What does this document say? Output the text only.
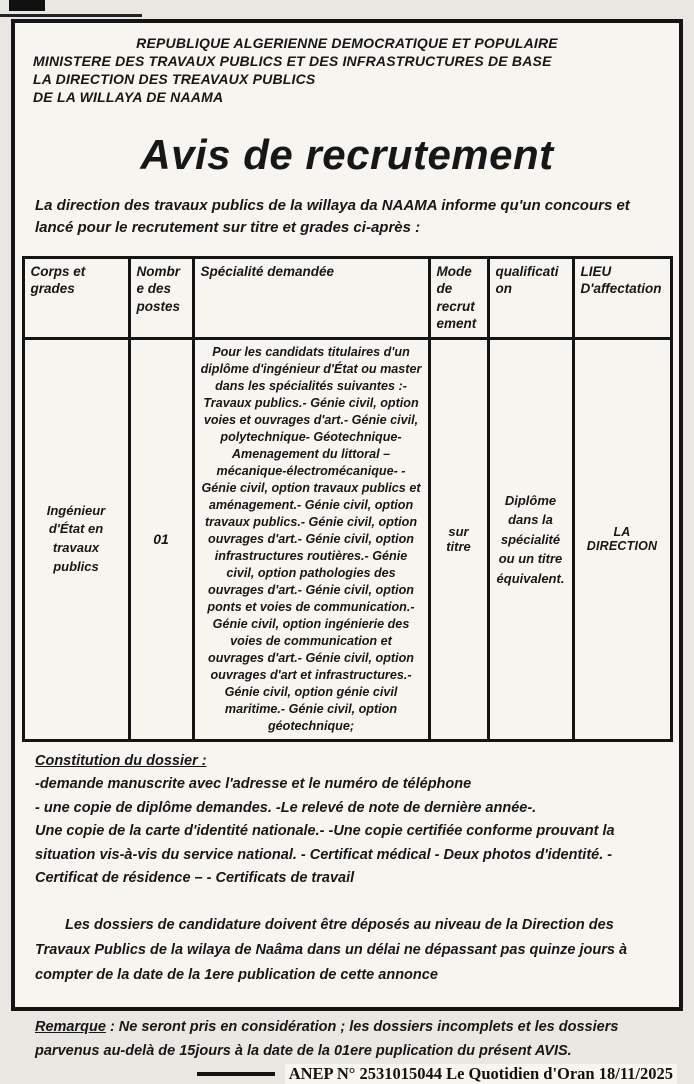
REPUBLIQUE ALGERIENNE DEMOCRATIQUE ET POPULAIRE
MINISTERE DES TRAVAUX PUBLICS ET DES INFRASTRUCTURES DE BASE
LA DIRECTION DES TREAVAUX PUBLICS
DE LA WILLAYA DE NAAMA
Avis de recrutement
La direction des travaux publics de la willaya da NAAMA informe qu'un concours et lancé pour le recrutement sur titre et grades ci-après :
Corps et grades	Nombre des postes	Spécialité demandée	Mode de recrutement	qualification	LIEU D'affectation
Ingénieur d'État en travaux publics	01	Pour les candidats titulaires d'un diplôme d'ingénieur d'État ou master dans les spécialités suivantes :- Travaux publics.- Génie civil, option voies et ouvrages d'art.- Génie civil, polytechnique- Géotechnique- Amenagement du littoral –mécanique-électromécanique- - Génie civil, option travaux publics et aménagement.- Génie civil, option travaux publics.- Génie civil, option ouvrages d'art.- Génie civil, option infrastructures routières.- Génie civil, option pathologies des ouvrages d'art.- Génie civil, option ponts et voies de communication.- Génie civil, option ingénierie des voies de communication et ouvrages d'art.- Génie civil, option ouvrages d'art et infrastructures.- Génie civil, option génie civil maritime.- Génie civil, option géotechnique;	sur titre	Diplôme dans la spécialité ou un titre équivalent.	LA DIRECTION
Constitution du dossier :
-demande manuscrite avec l'adresse et le numéro de téléphone
- une copie de diplôme demandes. -Le relevé de note de dernière année-.
Une copie de la carte d'identité nationale.- -Une copie certifiée conforme prouvant la situation vis-à-vis du service national. - Certificat médical - Deux photos d'identité. - Certificat de résidence – - Certificats de travail
Les dossiers de candidature doivent être déposés au niveau de la Direction des Travaux Publics de la wilaya de Naâma dans un délai ne dépassant pas quinze jours à compter de la date de la 1ere publication de cette annonce
Remarque : Ne seront pris en considération ; les dossiers incomplets et les dossiers parvenus au-delà de 15jours à la date de la 01ere puplication du présent AVIS.
ANEP N° 2531015044 Le Quotidien d'Oran 18/11/2025
